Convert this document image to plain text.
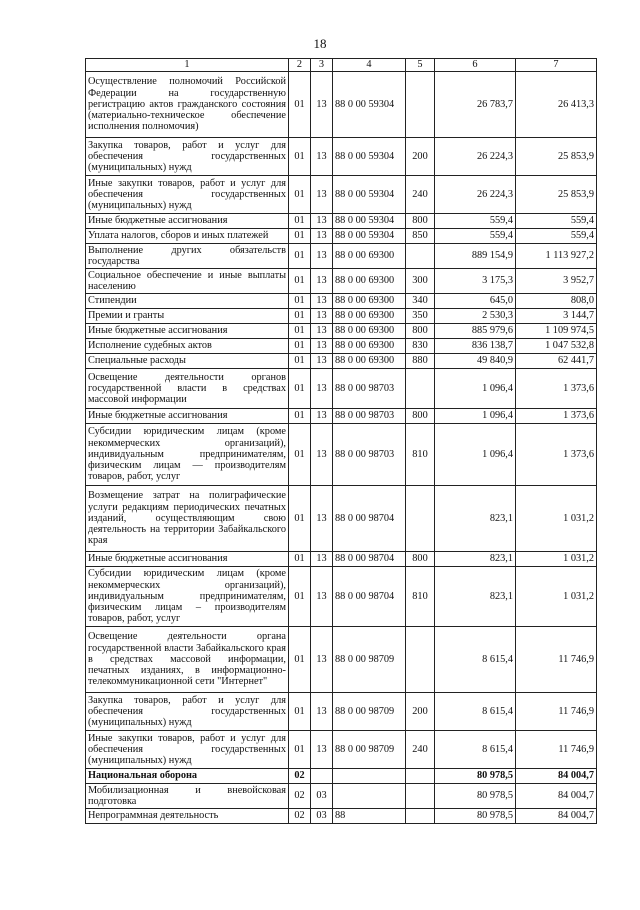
18
1	2	3	4	5	6	7
Осуществление полномочий Российской Федерации на государственную регистрацию актов гражданского состояния (материально-техническое обеспечение исполнения полномочия)	01	13	88 0 00 59304		26 783,7	26 413,3
Закупка товаров, работ и услуг для обеспечения государственных (муниципальных) нужд	01	13	88 0 00 59304	200	26 224,3	25 853,9
Иные закупки товаров, работ и услуг для обеспечения государственных (муниципальных) нужд	01	13	88 0 00 59304	240	26 224,3	25 853,9
Иные бюджетные ассигнования	01	13	88 0 00 59304	800	559,4	559,4
Уплата налогов, сборов и иных платежей	01	13	88 0 00 59304	850	559,4	559,4
Выполнение других обязательств государства	01	13	88 0 00 69300		889 154,9	1 113 927,2
Социальное обеспечение и иные выплаты населению	01	13	88 0 00 69300	300	3 175,3	3 952,7
Стипендии	01	13	88 0 00 69300	340	645,0	808,0
Премии и гранты	01	13	88 0 00 69300	350	2 530,3	3 144,7
Иные бюджетные ассигнования	01	13	88 0 00 69300	800	885 979,6	1 109 974,5
Исполнение судебных актов	01	13	88 0 00 69300	830	836 138,7	1 047 532,8
Специальные расходы	01	13	88 0 00 69300	880	49 840,9	62 441,7
Освещение деятельности органов государственной власти в средствах массовой информации	01	13	88 0 00 98703		1 096,4	1 373,6
Иные бюджетные ассигнования	01	13	88 0 00 98703	800	1 096,4	1 373,6
Субсидии юридическим лицам (кроме некоммерческих организаций), индивидуальным предпринимателям, физическим лицам — производителям товаров, работ, услуг	01	13	88 0 00 98703	810	1 096,4	1 373,6
Возмещение затрат на полиграфические услуги редакциям периодических печатных изданий, осуществляющим свою деятельность на территории Забайкальского края	01	13	88 0 00 98704		823,1	1 031,2
Иные бюджетные ассигнования	01	13	88 0 00 98704	800	823,1	1 031,2
Субсидии юридическим лицам (кроме некоммерческих организаций), индивидуальным предпринимателям, физическим лицам – производителям товаров, работ, услуг	01	13	88 0 00 98704	810	823,1	1 031,2
Освещение деятельности органа государственной власти Забайкальского края в средствах массовой информации, печатных изданиях, в информационно-телекоммуникационной сети "Интернет"	01	13	88 0 00 98709		8 615,4	11 746,9
Закупка товаров, работ и услуг для обеспечения государственных (муниципальных) нужд	01	13	88 0 00 98709	200	8 615,4	11 746,9
Иные закупки товаров, работ и услуг для обеспечения государственных (муниципальных) нужд	01	13	88 0 00 98709	240	8 615,4	11 746,9
Национальная оборона	02				80 978,5	84 004,7
Мобилизационная и вневойсковая подготовка	02	03			80 978,5	84 004,7
Непрограммная деятельность	02	03	88		80 978,5	84 004,7
